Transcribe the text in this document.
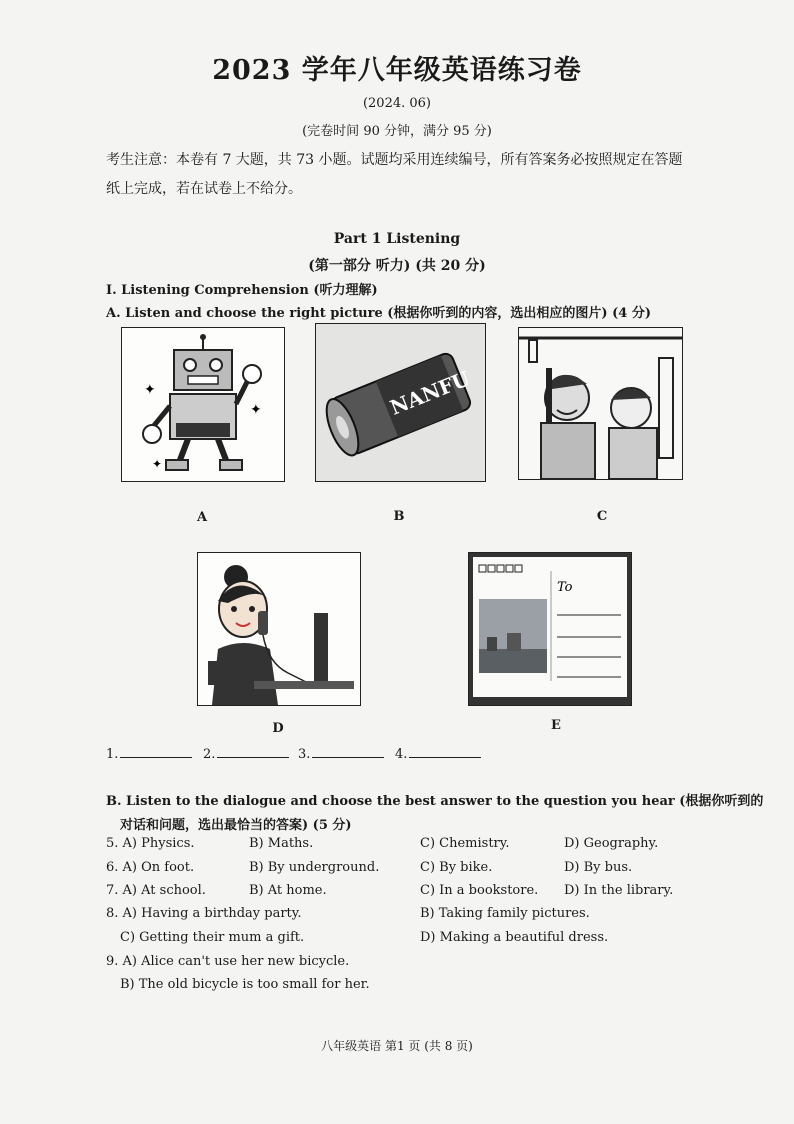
2023 学年八年级英语练习卷
(2024. 06)
(完卷时间 90 分钟，满分 95 分)
考生注意：本卷有 7 大题，共 73 小题。试题均采用连续编号，所有答案务必按照规定在答题纸上完成，若在试卷上不给分。
Part 1 Listening
(第一部分 听力) (共 20 分)
I. Listening Comprehension (听力理解)
A. Listen and choose the right picture (根据你听到的内容，选出相应的图片) (4 分)
✦
✦
✦
A
NANFU
B	C
D
To
E
1.	2.	3.	4.
B. Listen to the dialogue and choose the best answer to the question you hear (根据你听到的
对话和问题，选出最恰当的答案) (5 分)
5. A) Physics.	B) Maths.	C) Chemistry.	D) Geography.
6. A) On foot.	B) By underground.	C) By bike.	D) By bus.
7. A) At school.	B) At home.	C) In a bookstore. D) In the library.
8. A) Having a birthday party.	B) Taking family pictures.
C) Getting their mum a gift.	D) Making a beautiful dress.
9. A) Alice can't use her new bicycle.
B) The old bicycle is too small for her.
八年级英语 第1 页 (共 8 页)
